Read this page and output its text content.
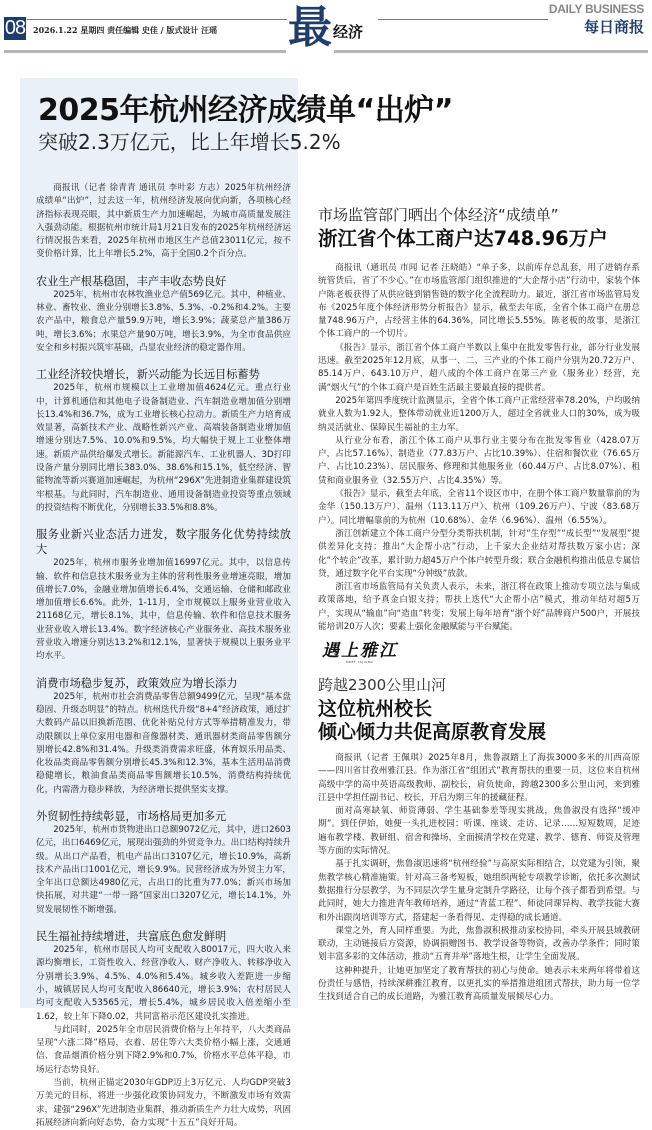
08 2026.1.22 星期四 责任编辑 史佳 / 版式设计 汪瑶 最 经济
DAILY BUSINESS
每日商报
2025年杭州经济成绩单“出炉”
突破2.3万亿元，比上年增长5.2%

商报讯（记者 徐青青 通讯员 李叶彩 方志）2025年杭州经济成绩单“出炉”，过去这一年，杭州经济发展向优向新，各项核心经济指标表现亮眼，其中新质生产力加速崛起，为城市高质量发展注入强劲动能。根据杭州市统计局1月21日发布的2025年杭州经济运行情况报告来看，2025年杭州市地区生产总值23011亿元，按不变价格计算，比上年增长5.2%，高于全国0.2个百分点。

农业生产根基稳固，丰产丰收态势良好

2025年，杭州市农林牧渔业总产值569亿元。其中，种植业、林业、畜牧业、渔业分别增长3.8%、5.3%、-0.2%和4.2%。主要农产品中，粮食总产量59.9万吨，增长3.9%；蔬菜总产量386万吨，增长3.6%；水果总产量90万吨，增长3.9%，为全市食品供应安全和乡村振兴筑牢基础，凸显农业经济的稳定器作用。

工业经济较快增长，新兴动能为长远目标蓄势

2025年，杭州市规模以上工业增加值4624亿元。重点行业中，计算机通信和其他电子设备制造业、汽车制造业增加值分别增长13.4%和36.7%，成为工业增长核心拉动力。新质生产力培育成效显著，高新技术产业、战略性新兴产业、高端装备制造业增加值增速分别达7.5%、10.0%和9.5%，均大幅快于规上工业整体增速。新质产品供给爆发式增长。新能源汽车、工业机器人、3D打印设备产量分别同比增长383.0%、38.6%和15.1%，低空经济、智能物流等新兴赛道加速崛起，为杭州“296X”先进制造业集群建设筑牢根基。与此同时，汽车制造业、通用设备制造业投资等重点领域的投资结构不断优化，分别增长33.5%和8.8%。

服务业新兴业态活力迸发，数字服务化优势持续放大

2025年，杭州市服务业增加值16997亿元。其中，以信息传输、软件和信息技术服务业为主体的营利性服务业增速亮眼，增加值增长7.0%，金融业增加值增长6.4%，交通运输、仓储和邮政业增加值增长6.6%。此外，1-11月，全市规模以上服务业营业收入21168亿元，增长8.1%，其中，信息传输、软件和信息技术服务业营业收入增长13.4%。数字经济核心产业服务业、高技术服务业营业收入增速分别达13.2%和12.1%，显著快于规模以上服务业平均水平。

消费市场稳步复苏，政策效应为增长添力

2025年，杭州市社会消费品零售总额9499亿元，呈现“基本盘稳固、升级态明显”的特点。杭州迭代升级“8+4”经济政策，通过扩大数码产品以旧换新范围、优化补贴兑付方式等举措精准发力，带动限额以上单位家用电器和音像器材类、通讯器材类商品零售额分别增长42.8%和31.4%。升级类消费需求旺盛，体育娱乐用品类、化妆品类商品零售额分别增长45.3%和12.3%，基本生活用品消费稳健增长，粮油食品类商品零售额增长10.5%，消费结构持续优化，内需潜力稳步释放，为经济增长提供坚实支撑。

外贸韧性持续彰显，市场格局更加多元

2025年，杭州市货物进出口总额9072亿元，其中，进口2603亿元，出口6469亿元，展现出强劲的外贸竞争力。出口结构持续升级。从出口产品看，机电产品出口3107亿元，增长10.9%，高新技术产品出口1001亿元，增长9.9%。民营经济成为外贸主力军，全年出口总额达4980亿元，占出口的比重为77.0%；新兴市场加快拓展，对共建“一带一路”国家出口3207亿元，增长14.1%，外贸发展韧性不断增强。

民生福祉持续增进，共富底色愈发鲜明

2025年，杭州市居民人均可支配收入80017元，四大收入来源均衡增长，工资性收入、经营净收入、财产净收入、转移净收入分别增长3.9%、4.5%、4.0%和5.4%。城乡收入差距进一步缩小，城镇居民人均可支配收入86640元，增长3.9%；农村居民人均可支配收入53565元，增长5.4%，城乡居民收入倍差缩小至1.62，较上年下降0.02，共同富裕示范区建设扎实推进。

与此同时，2025年全市居民消费价格与上年持平，八大类商品呈现“六涨二降”格局，衣着、居住等六大类价格小幅上涨，交通通信、食品烟酒价格分别下降2.9%和0.7%，价格水平总体平稳，市场运行态势良好。

当前，杭州正锚定2030年GDP迈上3万亿元、人均GDP突破3万美元的目标，将进一步强化政策协同发力，不断激发市场有效需求，建强“296X”先进制造业集群，推动新质生产力壮大成势，巩固拓展经济向新向好态势，奋力实现“十五五”良好开局。

市场监管部门晒出个体经济“成绩单”
浙江省个体工商户达748.96万户

商报讯（通讯员 市闻 记者 汪晓皓）“单子多，以前库存总乱套，用了进销存系统管货后，省了不少心。”在市场监管部门组织推进的“大企帮小店”行动中，家装个体户陈老板获得了从供应链到销售链的数字化全流程助力。最近，浙江省市场监管局发布《2025年度个体经济形势分析报告》显示，截至去年底，全省个体工商户在册总量748.96万户，占经营主体的64.36%，同比增长5.55%。陈老板的故事，是浙江个体工商户的一个切片。

《报告》显示，浙江省个体工商户半数以上集中在批发零售行业，部分行业发展迅速。截至2025年12月底，从事一、二、三产业的个体工商户分别为20.72万户、85.14万户、643.10万户，超八成的个体工商户在第三产业（服务业）经营，充满“烟火气”的个体工商户是百姓生活最主要最直接的提供者。

2025年第四季度统计监测显示，全省个体工商户正常经营率78.20%，户均吸纳就业人数为1.92人，整体带动就业近1200万人，超过全省就业人口的30%，成为吸纳灵活就业、保障民生福祉的主力军。

从行业分布看，浙江个体工商户从事行业主要分布在批发零售业（428.07万户，占比57.16%）、制造业（77.83万户、占比10.39%）、住宿和餐饮业（76.65万户、占比10.23%）、居民服务、修理和其他服务业（60.44万户、占比8.07%）、租赁和商业服务业（32.55万户、占比4.35%）等。

《报告》显示，截至去年底，全省11个设区市中，在册个体工商户数量靠前的为金华（150.13万户）、温州（113.11万户）、杭州（109.26万户）、宁波（83.68万户）。同比增幅靠前的为杭州（10.68%）、金华（6.96%）、温州（6.55%）。

浙江创新建立个体工商户分型分类帮扶机制，针对“生存型”“成长型”“发展型”提供差异化支持；推出“大企帮小店”行动，上千家大企业结对帮扶数万家小店；深化“个转企”改革，累计助力超45万户个体户转型升级；联合金融机构推出低息专属信贷，通过数字化平台实现“分钟级”放款。

浙江省市场监管局有关负责人表示，未来，浙江将在政策上推动专项立法与集成政策落地，给予真金白银支持；帮扶上迭代“大企帮小店”模式，推动年结对超5万户，实现从“输血”向“造血”转变；发展上每年培育“浙个好”品牌商户500户，开展技能培训20万人次；要素上强化金融赋能与平台赋能。

遇上雅江
MEET YAJIANG
跨越2300公里山河
这位杭州校长
倾心倾力共促高原教育发展

商报讯（记者 王佩琪）2025年8月，焦鲁淑踏上了海拔3000多米的川西高原——四川省甘孜州雅江县。作为浙江省“组团式”教育帮扶的重要一员，这位来自杭州高级中学的高中英语高级教师、副校长，肩负使命，跨越2300多公里山河，来到雅江县中学担任副书记、校长，开启为期三年的援藏征程。

面对高寒缺氧、师资薄弱、学生基础参差等现实挑战，焦鲁淑没有选择“缓冲期”。到任伊始，她便一头扎进校园：听课、座谈、走访、记录……短短数周，足迹遍布教学楼、教研组、宿舍和操场，全面摸清学校在党建、教学、德育、师资及管理等方面的实际情况。

基于扎实调研，焦鲁淑迅速将“杭州经验”与高原实际相结合，以党建为引领，聚焦教学核心精准施策。针对高三备考短板，她组织两轮专项教学诊断，依托多次测试数据推行分层教学，为不同层次学生量身定制升学路径，让每个孩子都看到希望。与此同时，她大力推进青年教师培养，通过“青蓝工程”、师徒同课异构、教学技能大赛和外出跟岗培训等方式，搭建起一条看得见、走得稳的成长通道。

课堂之外，育人同样重要。为此，焦鲁淑积极推动家校协同，牵头开展县域教研联动，主动链接后方资源，协调捐赠图书、教学设备等物资，改善办学条件；同时策划丰富多彩的文体活动，推动“五育并举”落地生根，让学生全面发展。

这种种提升，让她更加坚定了教育帮扶的初心与使命。她表示未来两年将带着这份责任与感悟，持续深耕雅江教育，以更扎实的举措推进组团式帮扶，助力每一位学生找到适合自己的成长道路，为雅江教育高质量发展倾尽心力。
